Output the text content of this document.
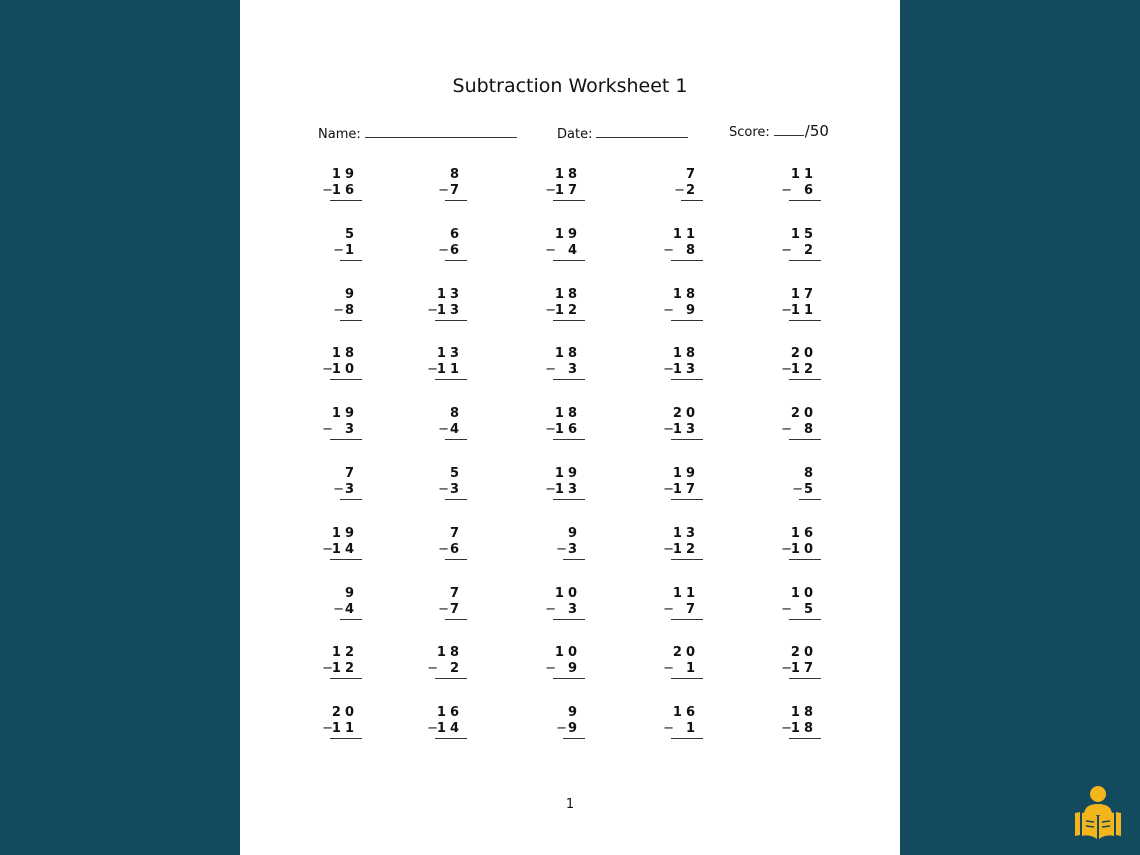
Subtraction Worksheet 1
Name:	Date:	Score: /50
19
16
−
8
7
−
18
17
−
7
2
−
11
6
−
5
1
−
6
6
−
19
4
−
11
8
−
15
2
−
9
8
−
13
13
−
18
12
−
18
9
−
17
11
−
18
10
−
13
11
−
18
3
−
18
13
−
20
12
−
19
3
−
8
4
−
18
16
−
20
13
−
20
8
−
7
3
−
5
3
−
19
13
−
19
17
−
8
5
−
19
14
−
7
6
−
9
3
−
13
12
−
16
10
−
9
4
−
7
7
−
10
3
−
11
7
−
10
5
−
12
12
−
18
2
−
10
9
−
20
1
−
20
17
−
20
11
−
16
14
−
9
9
−
16
1
−
18
18
−
1
